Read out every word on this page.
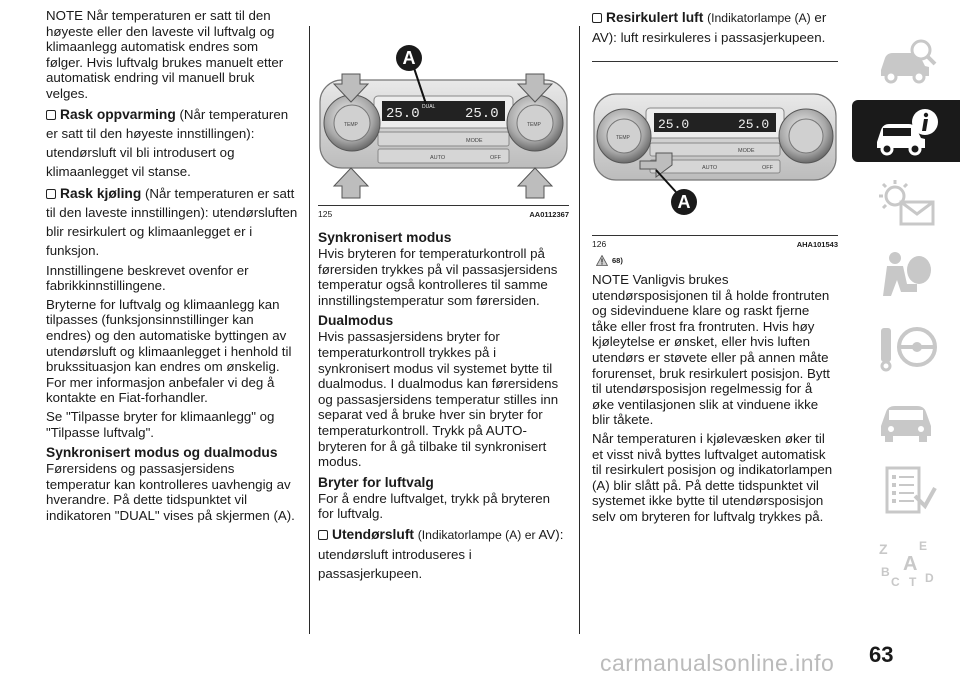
NOTE Når temperaturen er satt til den høyeste eller den laveste vil luftvalg og klimaanlegg automatisk endres som følger. Hvis luftvalg brukes manuelt etter automatisk endring vil manuell bruk velges.

Rask oppvarming (Når temperaturen er satt til den høyeste innstillingen): utendørsluft vil bli introdusert og klimaanlegget vil stanse.

Rask kjøling (Når temperaturen er satt til den laveste innstillingen): utendørsluften blir resirkulert og klimaanlegget er i funksjon.

Innstillingene beskrevet ovenfor er fabrikkinnstillingene.

Bryterne for luftvalg og klimaanlegg kan tilpasses (funksjonsinnstillinger kan endres) og den automatiske byttingen av utendørsluft og klimaanlegget i henhold til brukssituasjon kan endres om ønskelig. For mer informasjon anbefaler vi deg å kontakte en Fiat-forhandler.

Se "Tilpasse bryter for klimaanlegg" og "Tilpasse luftvalg".

Synkronisert modus og dualmodus

Førersidens og passasjersidens temperatur kan kontrolleres uavhengig av hverandre. På dette tidspunktet vil indikatoren "DUAL" vises på skjermen (A).

25.0	25.0
DUAL
MODE
AUTO	OFF
TEMP	TEMP
A
125	AA0112367
Synkronisert modus

Hvis bryteren for temperaturkontroll på førersiden trykkes på vil passasjersidens temperatur også kontrolleres til samme innstillingstemperatur som førersiden.

Dualmodus

Hvis passasjersidens bryter for temperaturkontroll trykkes på i synkronisert modus vil systemet bytte til dualmodus. I dualmodus kan førersidens og passasjersidens temperatur stilles inn separat ved å bruke hver sin bryter for temperaturkontroll. Trykk på AUTO-bryteren for å gå tilbake til synkronisert modus.

Bryter for luftvalg

For å endre luftvalget, trykk på bryteren for luftvalg.

Utendørsluft (Indikatorlampe (A) er AV): utendørsluft introduseres i passasjerkupeen.

Resirkulert luft (Indikatorlampe (A) er AV): luft resirkuleres i passasjerkupeen.

25.0	25.0
MODE
AUTO	OFF
TEMP
A
126	AHA101543
68)

NOTE Vanligvis brukes utendørsposisjonen til å holde frontruten og sidevinduene klare og raskt fjerne tåke eller frost fra frontruten. Hvis høy kjøleytelse er ønsket, eller hvis luften utendørs er støvete eller på annen måte forurenset, bruk resirkulert posisjon. Bytt til utendørsposisjon regelmessig for å øke ventilasjonen slik at vinduene ikke blir tåkete.

Når temperaturen i kjølevæsken øker til et visst nivå byttes luftvalget automatisk til resirkulert posisjon og indikatorlampen (A) blir slått på. På dette tidspunktet vil systemet ikke bytte til utendørsposisjon selv om bryteren for luftvalg trykkes på.

Z	E
A
B
C T D
63
carmanualsonline.info
